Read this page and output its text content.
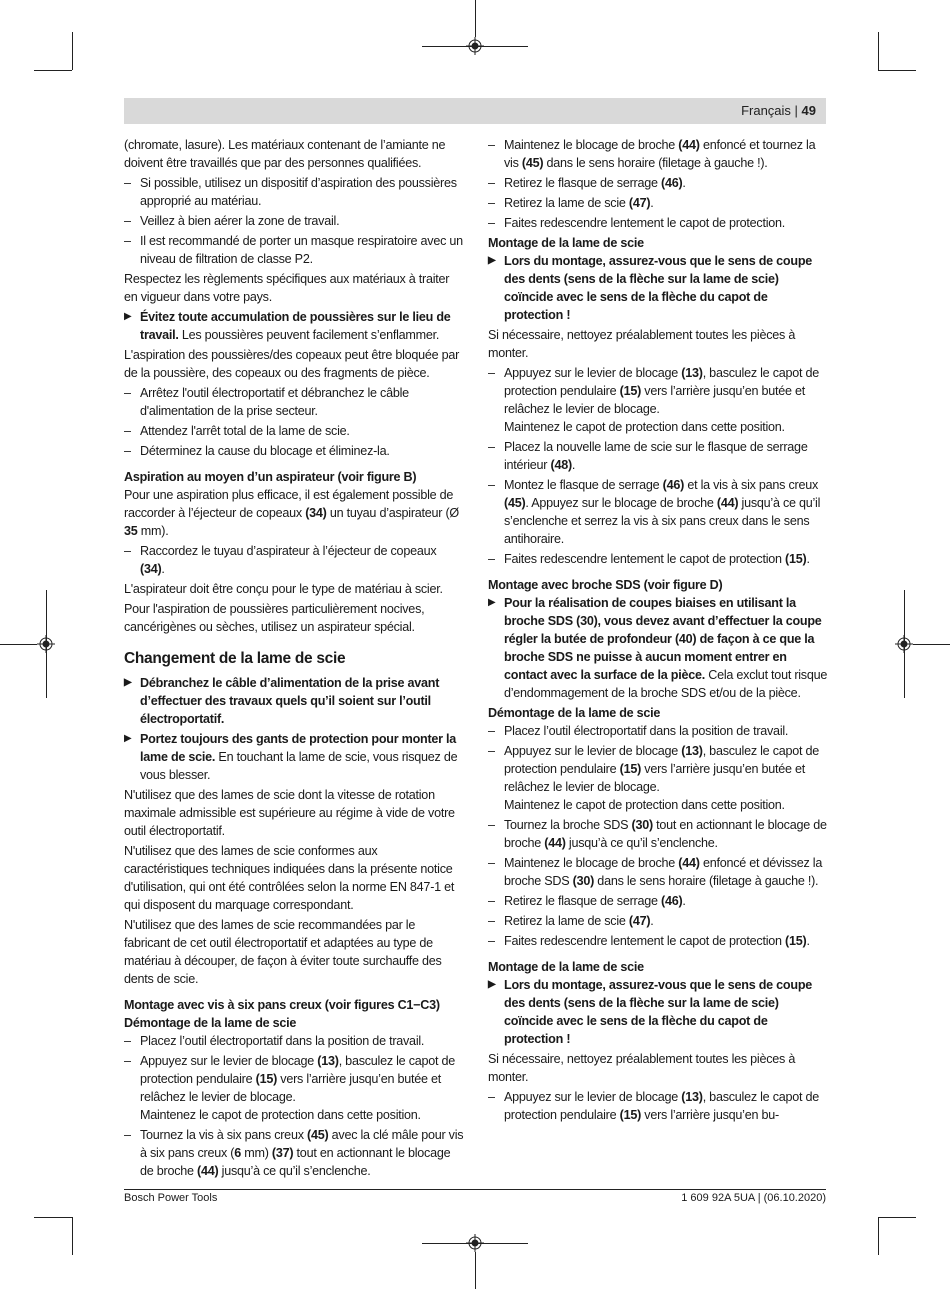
Français | 49
(chromate, lasure). Les matériaux contenant de l’amiante ne doivent être travaillés que par des personnes qualifiées.
– Si possible, utilisez un dispositif d’aspiration des poussières approprié au matériau.
– Veillez à bien aérer la zone de travail.
– Il est recommandé de porter un masque respiratoire avec un niveau de filtration de classe P2.
Respectez les règlements spécifiques aux matériaux à traiter en vigueur dans votre pays.
▶ Évitez toute accumulation de poussières sur le lieu de travail. Les poussières peuvent facilement s’enflammer.
L'aspiration des poussières/des copeaux peut être bloquée par de la poussière, des copeaux ou des fragments de pièce.
– Arrêtez l'outil électroportatif et débranchez le câble d'alimentation de la prise secteur.
– Attendez l'arrêt total de la lame de scie.
– Déterminez la cause du blocage et éliminez-la.
Aspiration au moyen d’un aspirateur (voir figure B)
Pour une aspiration plus efficace, il est également possible de raccorder à l’éjecteur de copeaux (34) un tuyau d’aspirateur (Ø 35 mm).
– Raccordez le tuyau d’aspirateur à l’éjecteur de copeaux (34).
L'aspirateur doit être conçu pour le type de matériau à scier.
Pour l'aspiration de poussières particulièrement nocives, cancérigènes ou sèches, utilisez un aspirateur spécial.
Changement de la lame de scie
▶ Débranchez le câble d’alimentation de la prise avant d’effectuer des travaux quels qu’il soient sur l’outil électroportatif.
▶ Portez toujours des gants de protection pour monter la lame de scie. En touchant la lame de scie, vous risquez de vous blesser.
N'utilisez que des lames de scie dont la vitesse de rotation maximale admissible est supérieure au régime à vide de votre outil électroportatif.
N'utilisez que des lames de scie conformes aux caractéristiques techniques indiquées dans la présente notice d'utilisation, qui ont été contrôlées selon la norme EN 847-1 et qui disposent du marquage correspondant.
N'utilisez que des lames de scie recommandées par le fabricant de cet outil électroportatif et adaptées au type de matériau à découper, de façon à éviter toute surchauffe des dents de scie.
Montage avec vis à six pans creux (voir figures C1−C3)
Démontage de la lame de scie
– Placez l’outil électroportatif dans la position de travail.
– Appuyez sur le levier de blocage (13), basculez le capot de protection pendulaire (15) vers l’arrière jusqu’en butée et relâchez le levier de blocage.
Maintenez le capot de protection dans cette position.
– Tournez la vis à six pans creux (45) avec la clé mâle pour vis à six pans creux (6 mm) (37) tout en actionnant le blocage de broche (44) jusqu’à ce qu’il s’enclenche.
– Maintenez le blocage de broche (44) enfoncé et tournez la vis (45) dans le sens horaire (filetage à gauche !).
– Retirez le flasque de serrage (46).
– Retirez la lame de scie (47).
– Faites redescendre lentement le capot de protection.
Montage de la lame de scie
▶ Lors du montage, assurez-vous que le sens de coupe des dents (sens de la flèche sur la lame de scie) coïncide avec le sens de la flèche du capot de protection !
Si nécessaire, nettoyez préalablement toutes les pièces à monter.
– Appuyez sur le levier de blocage (13), basculez le capot de protection pendulaire (15) vers l’arrière jusqu’en butée et relâchez le levier de blocage.
Maintenez le capot de protection dans cette position.
– Placez la nouvelle lame de scie sur le flasque de serrage intérieur (48).
– Montez le flasque de serrage (46) et la vis à six pans creux (45). Appuyez sur le blocage de broche (44) jusqu’à ce qu’il s’enclenche et serrez la vis à six pans creux dans le sens antihoraire.
– Faites redescendre lentement le capot de protection (15).
Montage avec broche SDS (voir figure D)
▶ Pour la réalisation de coupes biaises en utilisant la broche SDS (30), vous devez avant d’effectuer la coupe régler la butée de profondeur (40) de façon à ce que la broche SDS ne puisse à aucun moment entrer en contact avec la surface de la pièce. Cela exclut tout risque d’endommagement de la broche SDS et/ou de la pièce.
Démontage de la lame de scie
– Placez l’outil électroportatif dans la position de travail.
– Appuyez sur le levier de blocage (13), basculez le capot de protection pendulaire (15) vers l’arrière jusqu’en butée et relâchez le levier de blocage.
Maintenez le capot de protection dans cette position.
– Tournez la broche SDS (30) tout en actionnant le blocage de broche (44) jusqu’à ce qu’il s’enclenche.
– Maintenez le blocage de broche (44) enfoncé et dévissez la broche SDS (30) dans le sens horaire (filetage à gauche !).
– Retirez le flasque de serrage (46).
– Retirez la lame de scie (47).
– Faites redescendre lentement le capot de protection (15).
Montage de la lame de scie
▶ Lors du montage, assurez-vous que le sens de coupe des dents (sens de la flèche sur la lame de scie) coïncide avec le sens de la flèche du capot de protection !
Si nécessaire, nettoyez préalablement toutes les pièces à monter.
– Appuyez sur le levier de blocage (13), basculez le capot de protection pendulaire (15) vers l’arrière jusqu’en bu-
Bosch Power Tools	1 609 92A 5UA | (06.10.2020)
